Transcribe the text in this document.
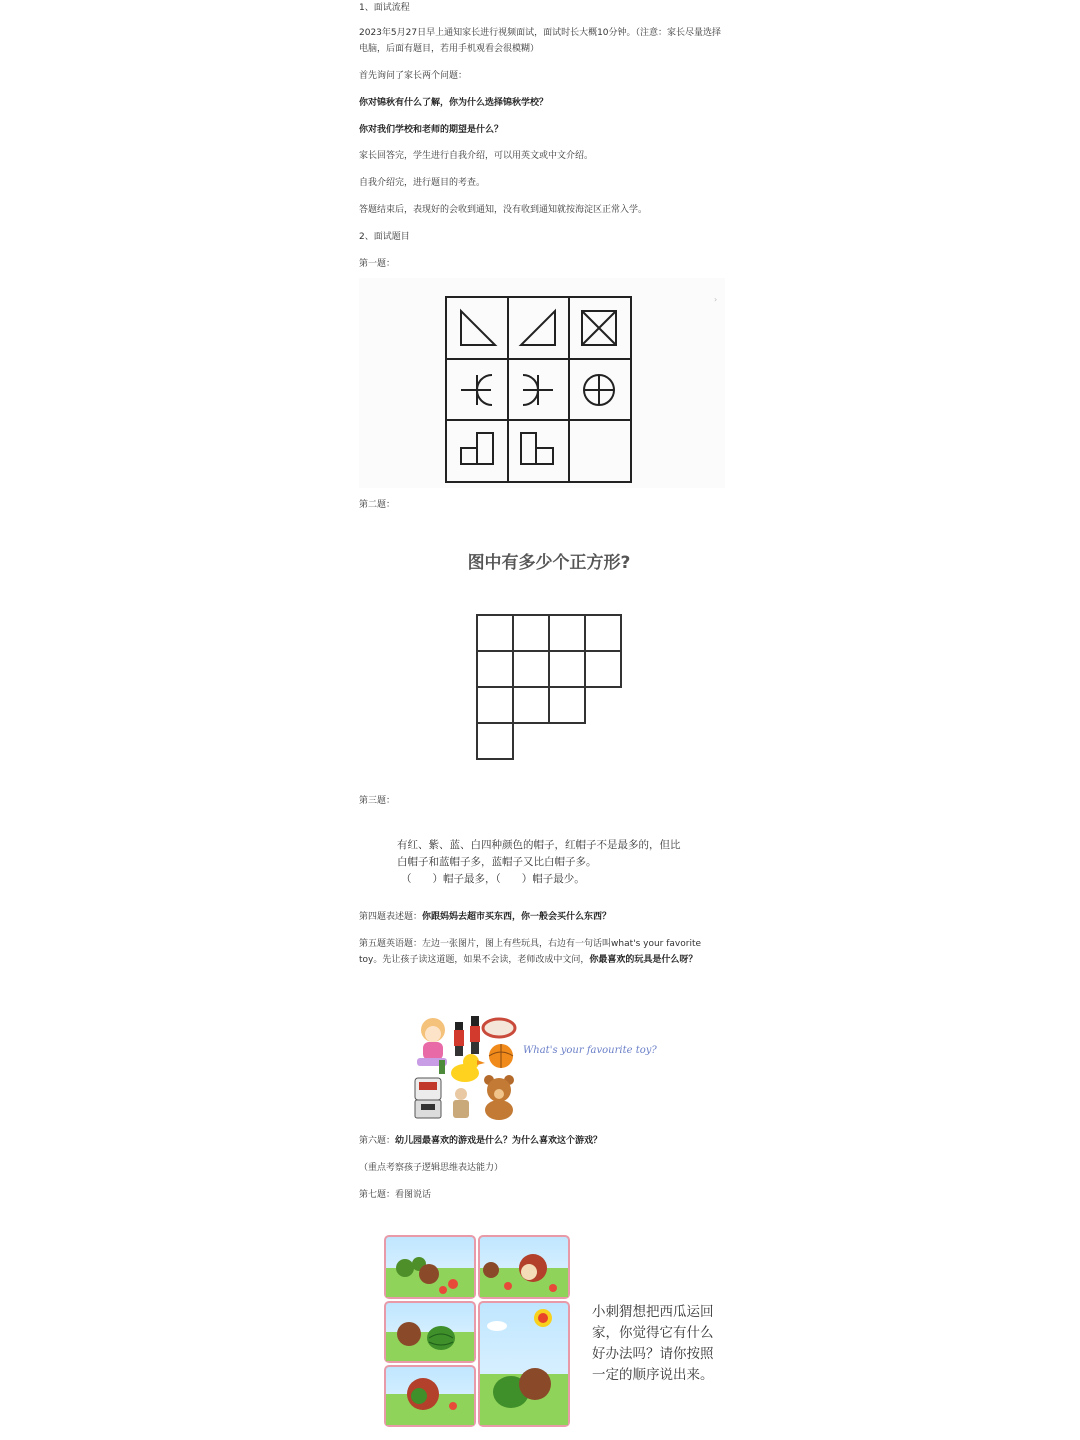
1、面试流程
2023年5月27日早上通知家长进行视频面试，面试时长大概10分钟。（注意：家长尽量选择电脑，后面有题目，若用手机观看会很模糊）
首先询问了家长两个问题：
你对锦秋有什么了解，你为什么选择锦秋学校？
你对我们学校和老师的期望是什么？
家长回答完，学生进行自我介绍，可以用英文或中文介绍。
自我介绍完，进行题目的考查。
答题结束后，表现好的会收到通知，没有收到通知就按海淀区正常入学。
2、面试题目
第一题：
›
第二题：
图中有多少个正方形?
第三题：
有红、紫、蓝、白四种颜色的帽子，红帽子不是最多的，但比
白帽子和蓝帽子多，蓝帽子又比白帽子多。
（　　）帽子最多，（　　）帽子最少。
第四题表述题：你跟妈妈去超市买东西，你一般会买什么东西？
第五题英语题：左边一张图片，图上有些玩具，右边有一句话叫what's your favorite toy。先让孩子读这道题，如果不会读，老师改成中文问，你最喜欢的玩具是什么呀？
What's your favourite toy?
第六题：幼儿园最喜欢的游戏是什么？为什么喜欢这个游戏？
（重点考察孩子逻辑思维表达能力）
第七题：看图说话
小刺猬想把西瓜运回
家，你觉得它有什么
好办法吗？请你按照
一定的顺序说出来。
